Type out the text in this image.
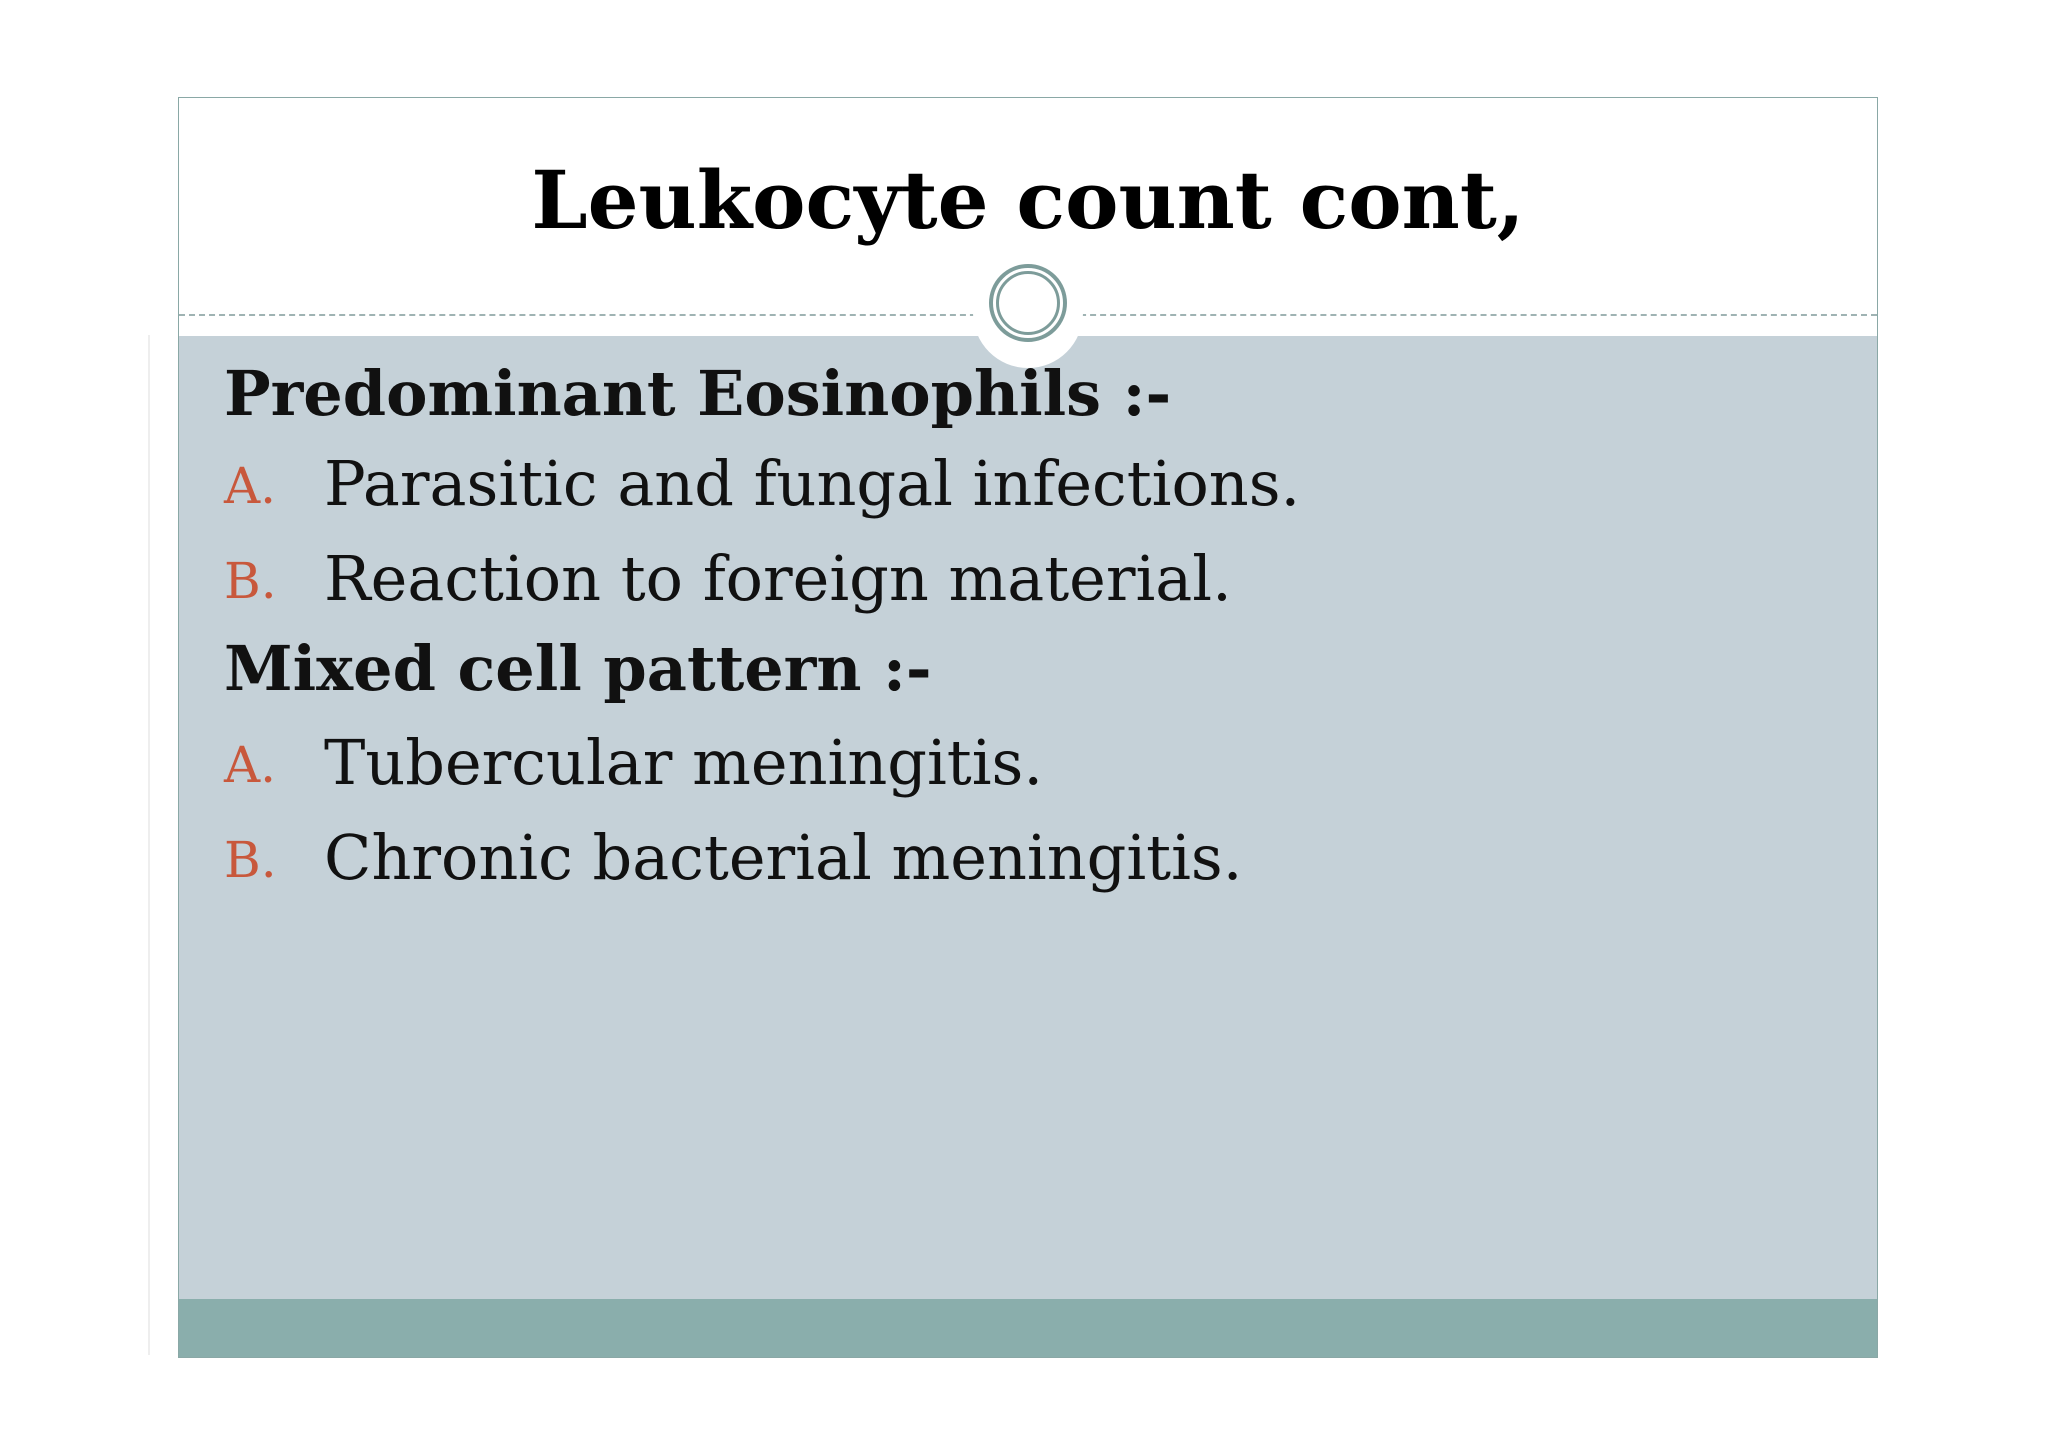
Leukocyte count cont,
Predominant Eosinophils :-
A. Parasitic and fungal infections.
B. Reaction to foreign material.
Mixed cell pattern :-
A. Tubercular meningitis.
B. Chronic bacterial meningitis.
